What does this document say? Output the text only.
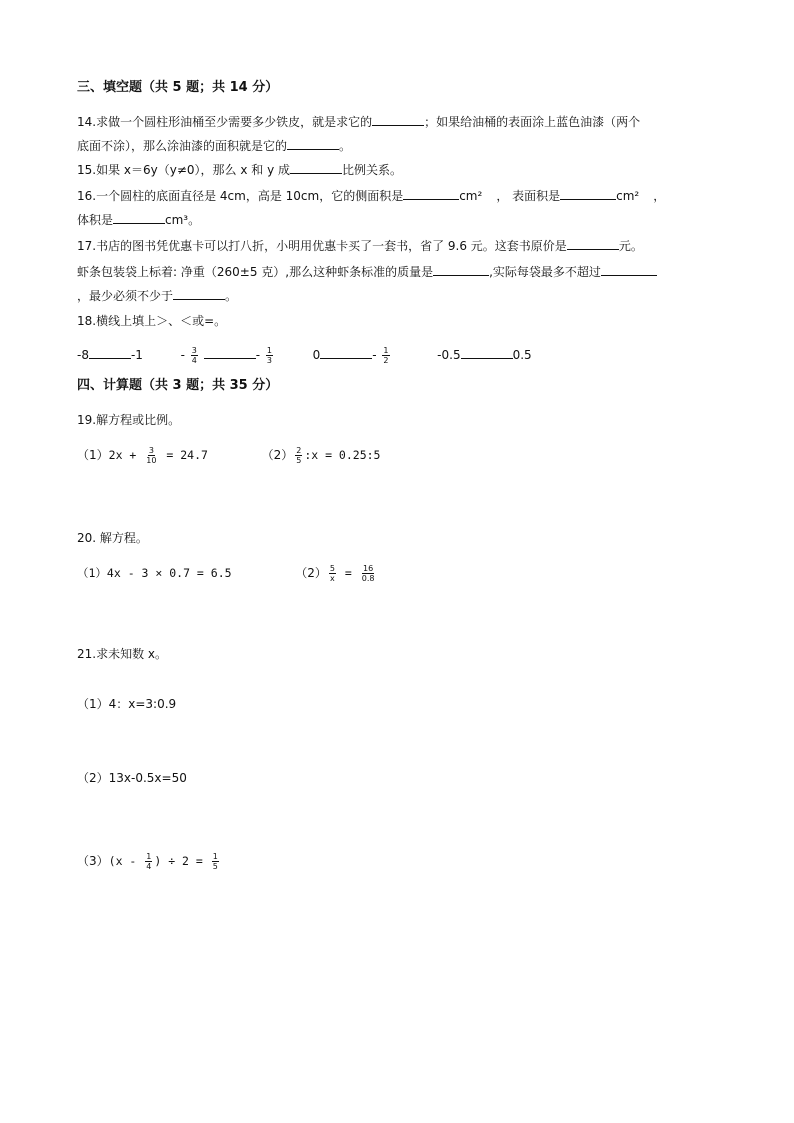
三、填空题（共 5 题；共 14 分）
14.求做一个圆柱形油桶至少需要多少铁皮，就是求它的	；如果给油桶的表面涂上蓝色油漆（两个
底面不涂），那么涂油漆的面积就是它的	。
15.如果 x＝6y（y≠0），那么 x 和 y 成	比例关系。
16.一个圆柱的底面直径是 4cm，高是 10cm，它的侧面积是	cm² ， 表面积是	cm² ，
体积是	cm³。
17.书店的图书凭优惠卡可以打八折，小明用优惠卡买了一套书，省了 9.6 元。这套书原价是	元。
虾条包装袋上标着: 净重（260±5 克）,那么这种虾条标准的质量是	,实际每袋最多不超过
，最少必须不少于	。
18.横线上填上＞、＜或=。
-8	-1	- $\frac{3}{4}$	- $\frac{1}{3}$	0	- $\frac{1}{2}$	-0.5	0.5
四、计算题（共 3 题；共 35 分）
19.解方程或比例。
$(1)2x + \frac{3}{10} = 24.7$	$(2) \frac{2}{5}$ :x = 0.25:5
20. 解方程。
（1）4x - 3 × 0.7 = 6.5	$(2) \frac{5}{x} = \frac{16}{0.8}$
21.求未知数 x。
（1）4：x=3:0.9
（2）13x-0.5x=50
$(3)(x - \frac{1}{4}$ ) ÷ $2 = \frac{1}{5}$
